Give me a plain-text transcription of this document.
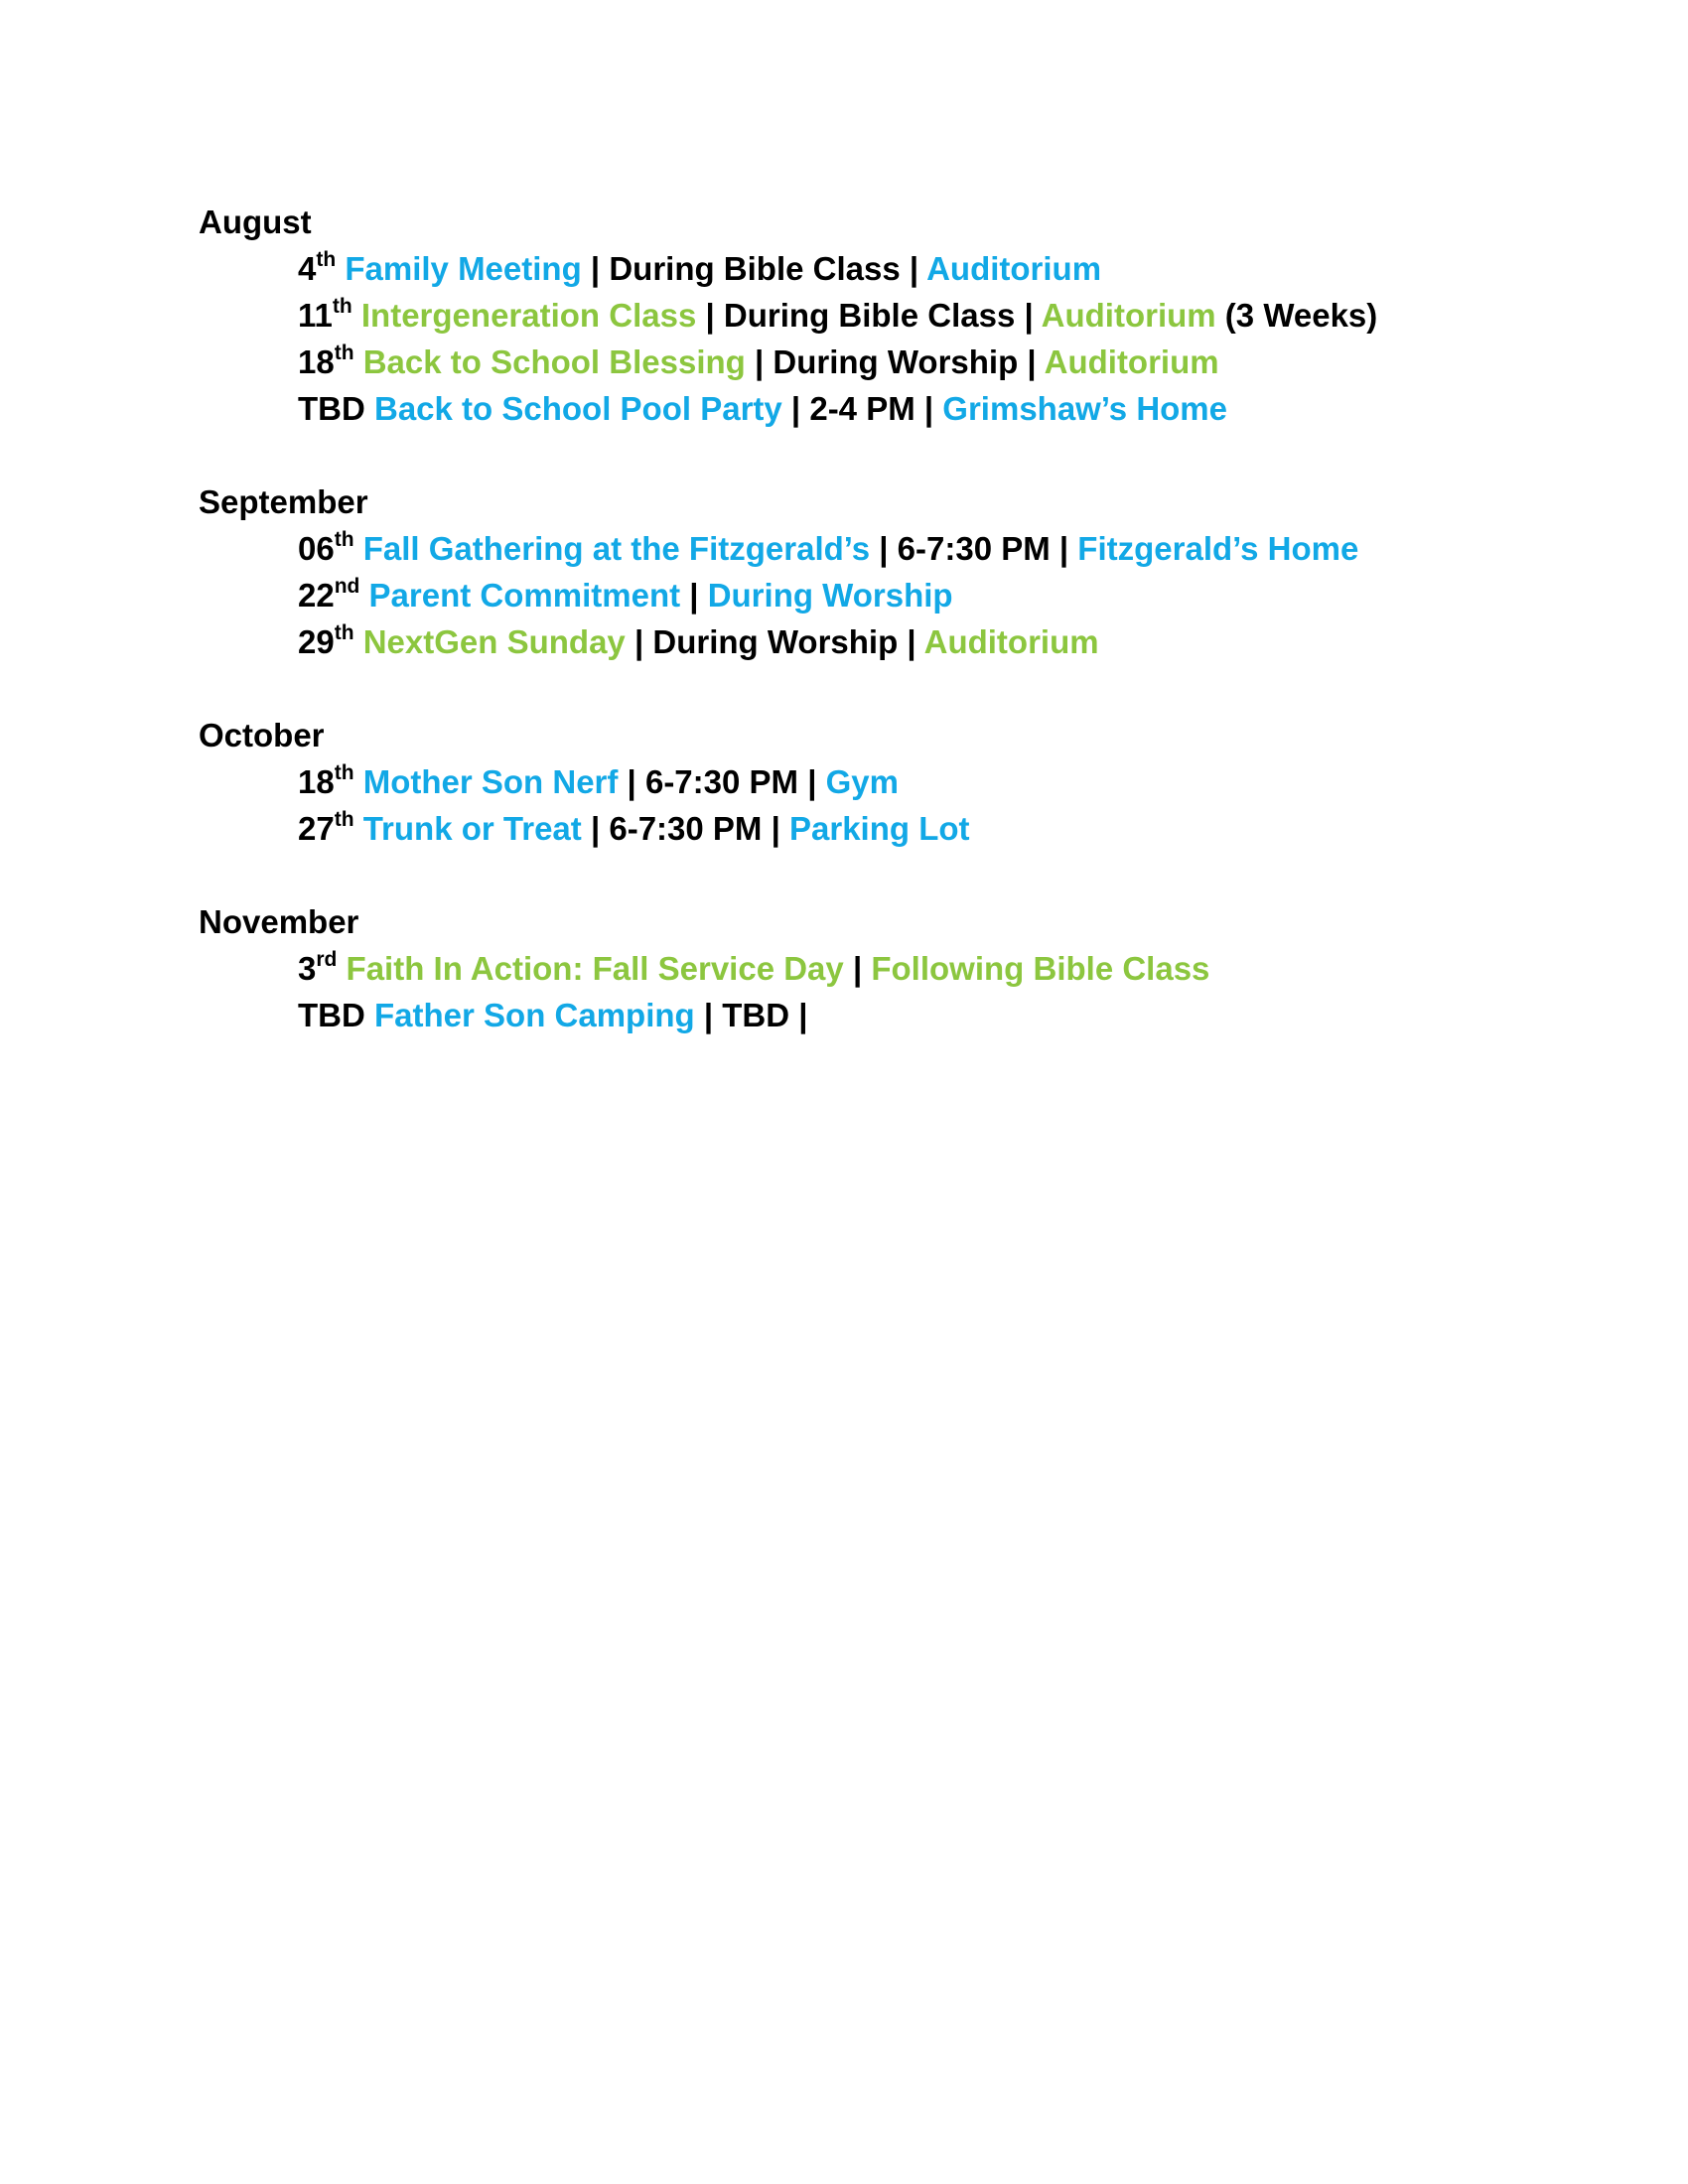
August
4th Family Meeting | During Bible Class | Auditorium
11th Intergeneration Class | During Bible Class | Auditorium (3 Weeks)
18th Back to School Blessing | During Worship | Auditorium
TBD Back to School Pool Party | 2-4 PM | Grimshaw’s Home
September
06th Fall Gathering at the Fitzgerald’s | 6-7:30 PM | Fitzgerald’s Home
22nd Parent Commitment | During Worship
29th NextGen Sunday | During Worship | Auditorium
October
18th Mother Son Nerf | 6-7:30 PM | Gym
27th Trunk or Treat | 6-7:30 PM | Parking Lot
November
3rd Faith In Action: Fall Service Day | Following Bible Class
TBD Father Son Camping | TBD |
